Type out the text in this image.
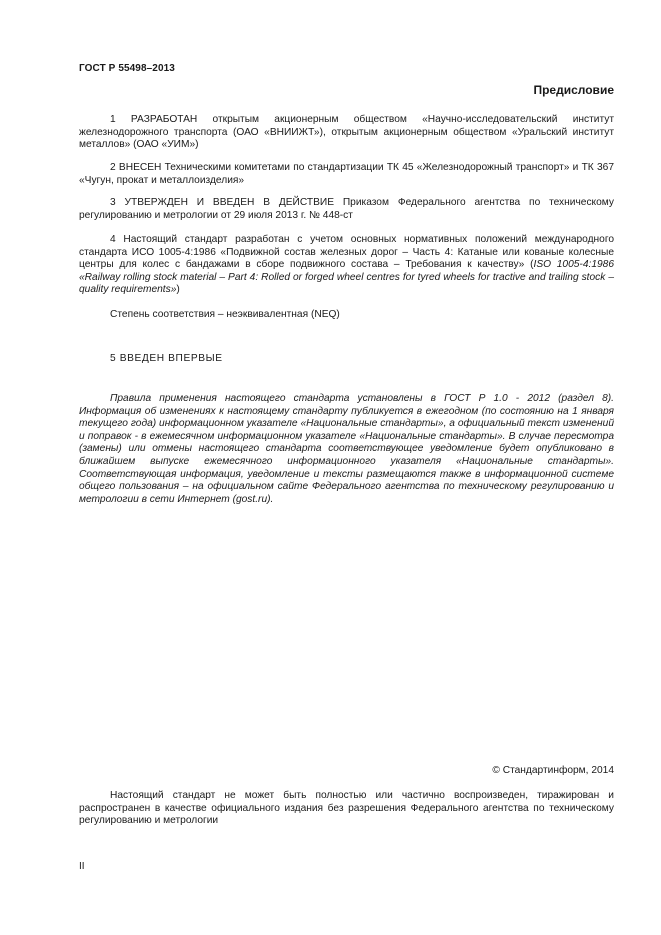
ГОСТ Р 55498–2013
Предисловие

1 РАЗРАБОТАН открытым акционерным обществом «Научно-исследовательский институт железнодорожного транспорта (ОАО «ВНИИЖТ»), открытым акционерным обществом «Уральский институт металлов» (ОАО «УИМ»)

2 ВНЕСЕН Техническими комитетами по стандартизации ТК 45 «Железнодорожный транспорт» и ТК 367 «Чугун, прокат и металлоизделия»

3 УТВЕРЖДЕН И ВВЕДЕН В ДЕЙСТВИЕ Приказом Федерального агентства по техническому регулированию и метрологии от 29 июля 2013 г. № 448-ст

4 Настоящий стандарт разработан с учетом основных нормативных положений международного стандарта ИСО 1005-4:1986 «Подвижной состав железных дорог – Часть 4: Катаные или кованые колесные центры для колес с бандажами в сборе подвижного состава – Требования к качеству» (ISO 1005-4:1986 «Railway rolling stock material – Part 4: Rolled or forged wheel centres for tyred wheels for tractive and trailing stock – quality requirements»)

Степень соответствия – неэквивалентная (NEQ)

5 ВВЕДЕН ВПЕРВЫЕ

Правила применения настоящего стандарта установлены в ГОСТ Р 1.0 - 2012 (раздел 8). Информация об изменениях к настоящему стандарту публикуется в ежегодном (по состоянию на 1 января текущего года) информационном указателе «Национальные стандарты», а официальный текст изменений и поправок - в ежемесячном информационном указателе «Национальные стандарты». В случае пересмотра (замены) или отмены настоящего стандарта соответствующее уведомление будет опубликовано в ближайшем выпуске ежемесячного информационного указателя «Национальные стандарты». Соответствующая информация, уведомление и тексты размещаются также в информационной системе общего пользования – на официальном сайте Федерального агентства по техническому регулированию и метрологии в сети Интернет (gost.ru).

© Стандартинформ, 2014

Настоящий стандарт не может быть полностью или частично воспроизведен, тиражирован и распространен в качестве официального издания без разрешения Федерального агентства по техническому регулированию и метрологии

II
